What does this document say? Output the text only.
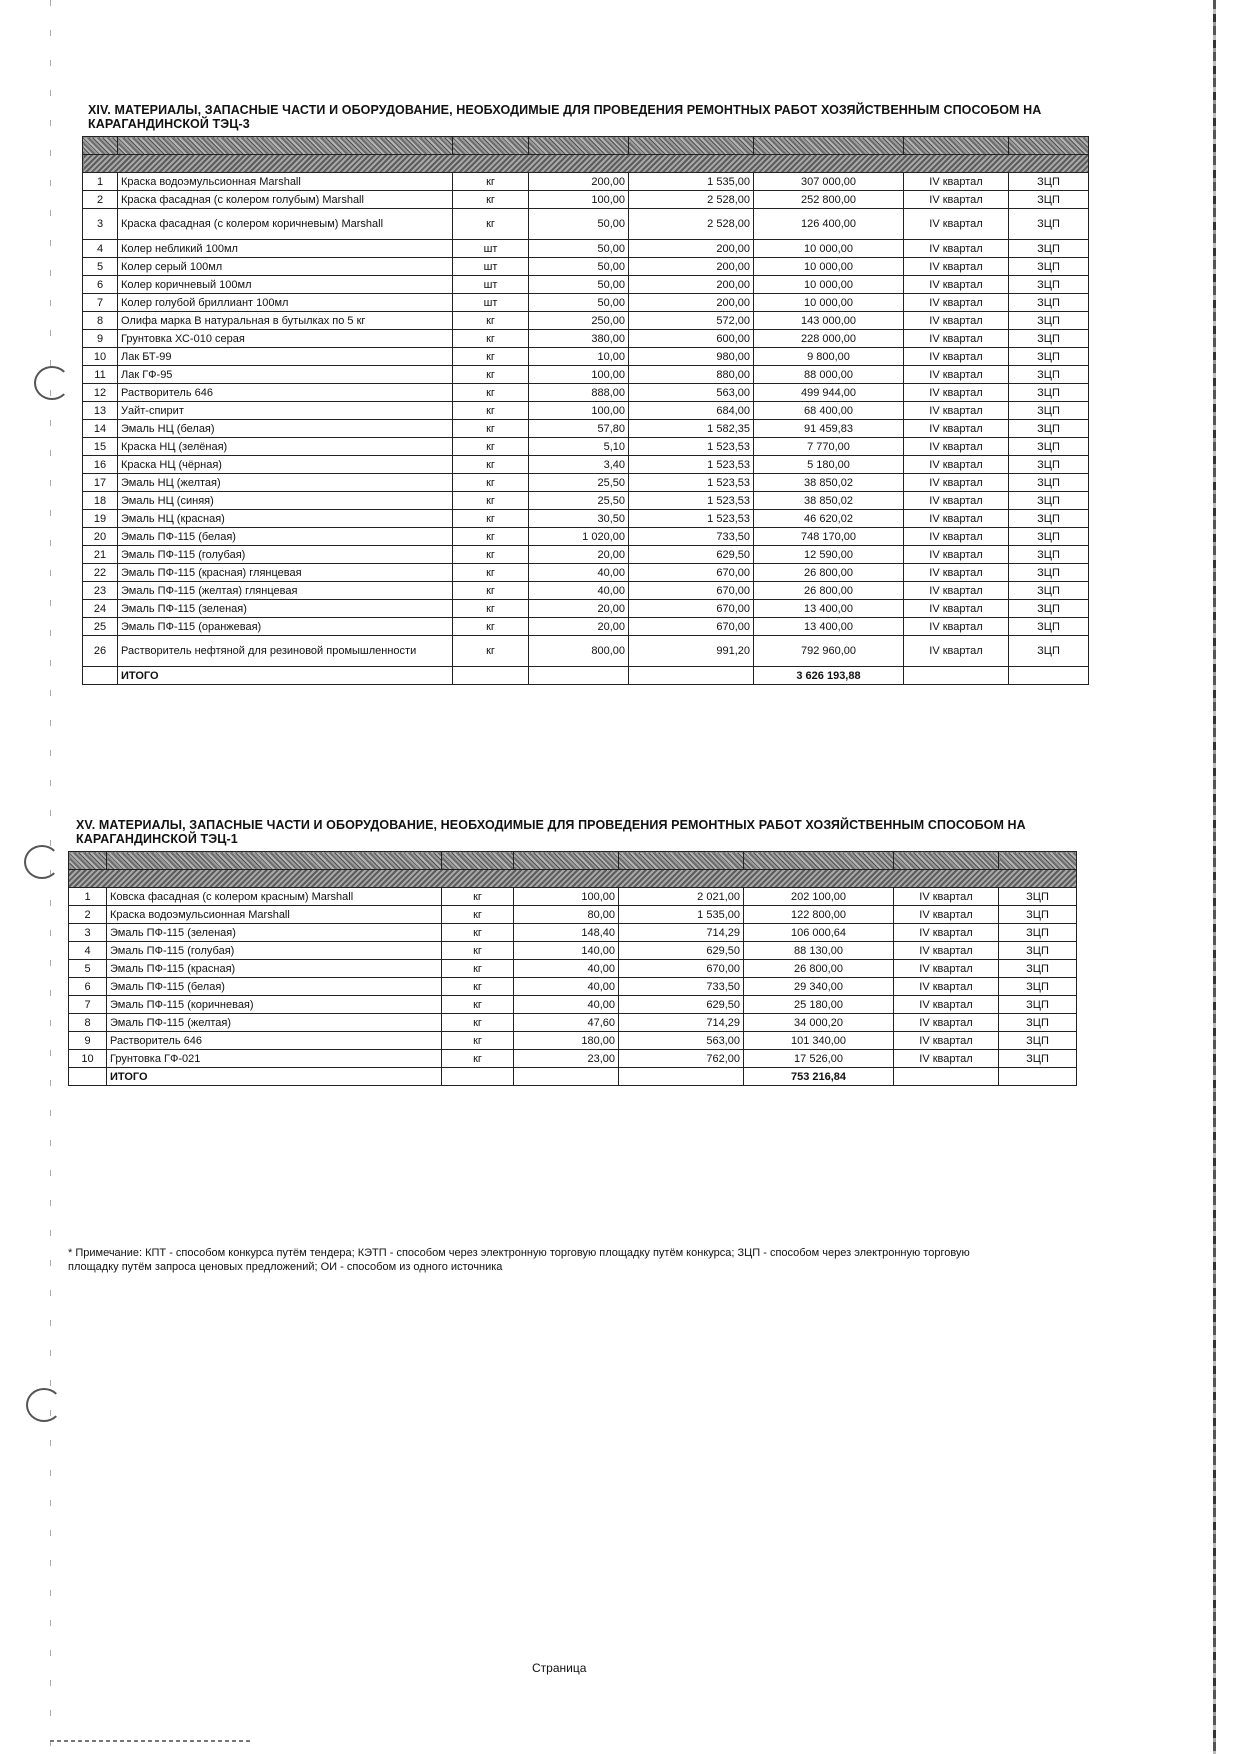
XIV. МАТЕРИАЛЫ, ЗАПАСНЫЕ ЧАСТИ И ОБОРУДОВАНИЕ, НЕОБХОДИМЫЕ ДЛЯ ПРОВЕДЕНИЯ РЕМОНТНЫХ РАБОТ ХОЗЯЙСТВЕННЫМ СПОСОБОМ НА КАРАГАНДИНСКОЙ ТЭЦ-3

1	Краска водоэмульсионная Marshall	кг	200,00	1 535,00	307 000,00	IV квартал	ЗЦП
2	Краска фасадная (с колером голубым) Marshall	кг	100,00	2 528,00	252 800,00	IV квартал	ЗЦП
3	Краска фасадная (с колером коричневым) Marshall	кг	50,00	2 528,00	126 400,00	IV квартал	ЗЦП
4	Колер небликий 100мл	шт	50,00	200,00	10 000,00	IV квартал	ЗЦП
5	Колер серый 100мл	шт	50,00	200,00	10 000,00	IV квартал	ЗЦП
6	Колер коричневый 100мл	шт	50,00	200,00	10 000,00	IV квартал	ЗЦП
7	Колер голубой бриллиант 100мл	шт	50,00	200,00	10 000,00	IV квартал	ЗЦП
8	Олифа марка В натуральная в бутылках по 5 кг	кг	250,00	572,00	143 000,00	IV квартал	ЗЦП
9	Грунтовка ХС-010 серая	кг	380,00	600,00	228 000,00	IV квартал	ЗЦП
10	Лак БТ-99	кг	10,00	980,00	9 800,00	IV квартал	ЗЦП
11	Лак ГФ-95	кг	100,00	880,00	88 000,00	IV квартал	ЗЦП
12	Растворитель 646	кг	888,00	563,00	499 944,00	IV квартал	ЗЦП
13	Уайт-спирит	кг	100,00	684,00	68 400,00	IV квартал	ЗЦП
14	Эмаль НЦ (белая)	кг	57,80	1 582,35	91 459,83	IV квартал	ЗЦП
15	Краска НЦ (зелёная)	кг	5,10	1 523,53	7 770,00	IV квартал	ЗЦП
16	Краска НЦ (чёрная)	кг	3,40	1 523,53	5 180,00	IV квартал	ЗЦП
17	Эмаль НЦ (желтая)	кг	25,50	1 523,53	38 850,02	IV квартал	ЗЦП
18	Эмаль НЦ (синяя)	кг	25,50	1 523,53	38 850,02	IV квартал	ЗЦП
19	Эмаль НЦ (красная)	кг	30,50	1 523,53	46 620,02	IV квартал	ЗЦП
20	Эмаль ПФ-115 (белая)	кг	1 020,00	733,50	748 170,00	IV квартал	ЗЦП
21	Эмаль ПФ-115 (голубая)	кг	20,00	629,50	12 590,00	IV квартал	ЗЦП
22	Эмаль ПФ-115 (красная) глянцевая	кг	40,00	670,00	26 800,00	IV квартал	ЗЦП
23	Эмаль ПФ-115 (желтая) глянцевая	кг	40,00	670,00	26 800,00	IV квартал	ЗЦП
24	Эмаль ПФ-115 (зеленая)	кг	20,00	670,00	13 400,00	IV квартал	ЗЦП
25	Эмаль ПФ-115 (оранжевая)	кг	20,00	670,00	13 400,00	IV квартал	ЗЦП
26	Растворитель нефтяной для резиновой промышленности	кг	800,00	991,20	792 960,00	IV квартал	ЗЦП
	ИТОГО				3 626 193,88		
XV. МАТЕРИАЛЫ, ЗАПАСНЫЕ ЧАСТИ И ОБОРУДОВАНИЕ, НЕОБХОДИМЫЕ ДЛЯ ПРОВЕДЕНИЯ РЕМОНТНЫХ РАБОТ ХОЗЯЙСТВЕННЫМ СПОСОБОМ НА КАРАГАНДИНСКОЙ ТЭЦ-1

1	Ковска фасадная (с колером красным) Marshall	кг	100,00	2 021,00	202 100,00	IV квартал	ЗЦП
2	Краска водоэмульсионная Marshall	кг	80,00	1 535,00	122 800,00	IV квартал	ЗЦП
3	Эмаль ПФ-115 (зеленая)	кг	148,40	714,29	106 000,64	IV квартал	ЗЦП
4	Эмаль ПФ-115 (голубая)	кг	140,00	629,50	88 130,00	IV квартал	ЗЦП
5	Эмаль ПФ-115 (красная)	кг	40,00	670,00	26 800,00	IV квартал	ЗЦП
6	Эмаль ПФ-115 (белая)	кг	40,00	733,50	29 340,00	IV квартал	ЗЦП
7	Эмаль ПФ-115 (коричневая)	кг	40,00	629,50	25 180,00	IV квартал	ЗЦП
8	Эмаль ПФ-115 (желтая)	кг	47,60	714,29	34 000,20	IV квартал	ЗЦП
9	Растворитель 646	кг	180,00	563,00	101 340,00	IV квартал	ЗЦП
10	Грунтовка ГФ-021	кг	23,00	762,00	17 526,00	IV квартал	ЗЦП
	ИТОГО				753 216,84		
* Примечание: КПТ - способом конкурса путём тендера; КЭТП - способом через электронную торговую площадку путём конкурса; ЗЦП - способом через электронную торговую площадку путём запроса ценовых предложений; ОИ - способом из одного источника
Страница
